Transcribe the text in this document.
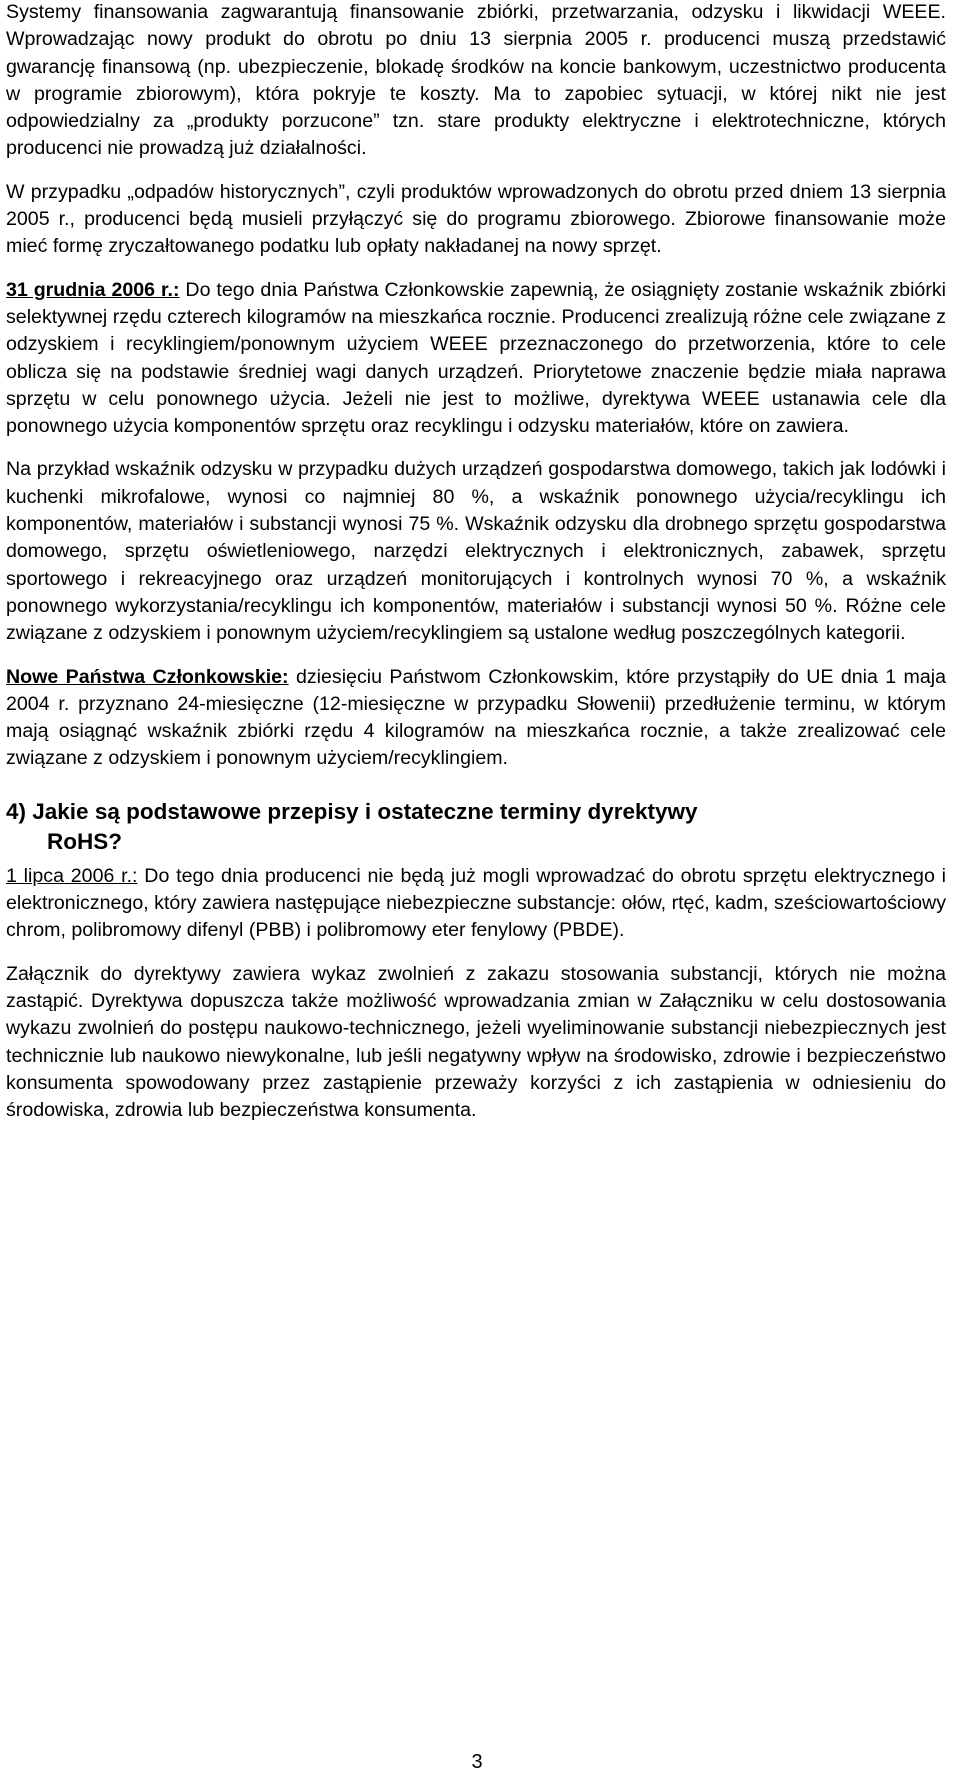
Systemy finansowania zagwarantują finansowanie zbiórki, przetwarzania, odzysku i likwidacji WEEE. Wprowadzając nowy produkt do obrotu po dniu 13 sierpnia 2005 r. producenci muszą przedstawić gwarancję finansową (np. ubezpieczenie, blokadę środków na koncie bankowym, uczestnictwo producenta w programie zbiorowym), która pokryje te koszty. Ma to zapobiec sytuacji, w której nikt nie jest odpowiedzialny za „produkty porzucone” tzn. stare produkty elektryczne i elektrotechniczne, których producenci nie prowadzą już działalności.

W przypadku „odpadów historycznych”, czyli produktów wprowadzonych do obrotu przed dniem 13 sierpnia 2005 r., producenci będą musieli przyłączyć się do programu zbiorowego. Zbiorowe finansowanie może mieć formę zryczałtowanego podatku lub opłaty nakładanej na nowy sprzęt.

31 grudnia 2006 r.: Do tego dnia Państwa Członkowskie zapewnią, że osiągnięty zostanie wskaźnik zbiórki selektywnej rzędu czterech kilogramów na mieszkańca rocznie. Producenci zrealizują różne cele związane z odzyskiem i recyklingiem/ponownym użyciem WEEE przeznaczonego do przetworzenia, które to cele oblicza się na podstawie średniej wagi danych urządzeń. Priorytetowe znaczenie będzie miała naprawa sprzętu w celu ponownego użycia. Jeżeli nie jest to możliwe, dyrektywa WEEE ustanawia cele dla ponownego użycia komponentów sprzętu oraz recyklingu i odzysku materiałów, które on zawiera.

Na przykład wskaźnik odzysku w przypadku dużych urządzeń gospodarstwa domowego, takich jak lodówki i kuchenki mikrofalowe, wynosi co najmniej 80 %, a wskaźnik ponownego użycia/recyklingu ich komponentów, materiałów i substancji wynosi 75 %. Wskaźnik odzysku dla drobnego sprzętu gospodarstwa domowego, sprzętu oświetleniowego, narzędzi elektrycznych i elektronicznych, zabawek, sprzętu sportowego i rekreacyjnego oraz urządzeń monitorujących i kontrolnych wynosi 70 %, a wskaźnik ponownego wykorzystania/recyklingu ich komponentów, materiałów i substancji wynosi 50 %. Różne cele związane z odzyskiem i ponownym użyciem/recyklingiem są ustalone według poszczególnych kategorii.

Nowe Państwa Członkowskie: dziesięciu Państwom Członkowskim, które przystąpiły do UE dnia 1 maja 2004 r. przyznano 24-miesięczne (12-miesięczne w przypadku Słowenii) przedłużenie terminu, w którym mają osiągnąć wskaźnik zbiórki rzędu 4 kilogramów na mieszkańca rocznie, a także zrealizować cele związane z odzyskiem i ponownym użyciem/recyklingiem.

4) Jakie są podstawowe przepisy i ostateczne terminy dyrektywy
RoHS?

1 lipca 2006 r.: Do tego dnia producenci nie będą już mogli wprowadzać do obrotu sprzętu elektrycznego i elektronicznego, który zawiera następujące niebezpieczne substancje: ołów, rtęć, kadm, sześciowartościowy chrom, polibromowy difenyl (PBB) i polibromowy eter fenylowy (PBDE).

Załącznik do dyrektywy zawiera wykaz zwolnień z zakazu stosowania substancji, których nie można zastąpić. Dyrektywa dopuszcza także możliwość wprowadzania zmian w Załączniku w celu dostosowania wykazu zwolnień do postępu naukowo-technicznego, jeżeli wyeliminowanie substancji niebezpiecznych jest technicznie lub naukowo niewykonalne, lub jeśli negatywny wpływ na środowisko, zdrowie i bezpieczeństwo konsumenta spowodowany przez zastąpienie przeważy korzyści z ich zastąpienia w odniesieniu do środowiska, zdrowia lub bezpieczeństwa konsumenta.

3
